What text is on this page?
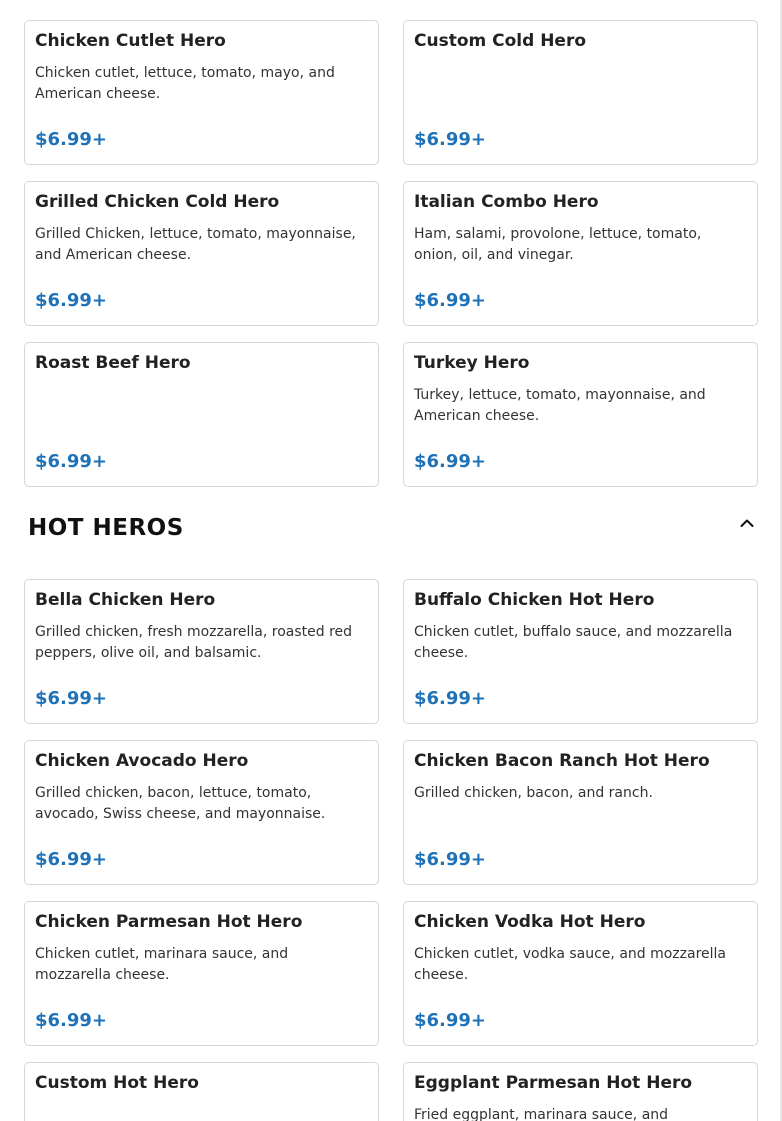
Chicken Cutlet Hero
Chicken cutlet, lettuce, tomato, mayo, and American cheese.
$6.99+
Custom Cold Hero
$6.99+
Grilled Chicken Cold Hero
Grilled Chicken, lettuce, tomato, mayonnaise, and American cheese.
$6.99+
Italian Combo Hero
Ham, salami, provolone, lettuce, tomato, onion, oil, and vinegar.
$6.99+
Roast Beef Hero
$6.99+
Turkey Hero
Turkey, lettuce, tomato, mayonnaise, and American cheese.
$6.99+
HOT HEROS
Bella Chicken Hero
Grilled chicken, fresh mozzarella, roasted red peppers, olive oil, and balsamic.
$6.99+
Buffalo Chicken Hot Hero
Chicken cutlet, buffalo sauce, and mozzarella cheese.
$6.99+
Chicken Avocado Hero
Grilled chicken, bacon, lettuce, tomato, avocado, Swiss cheese, and mayonnaise.
$6.99+
Chicken Bacon Ranch Hot Hero
Grilled chicken, bacon, and ranch.
$6.99+
Chicken Parmesan Hot Hero
Chicken cutlet, marinara sauce, and mozzarella cheese.
$6.99+
Chicken Vodka Hot Hero
Chicken cutlet, vodka sauce, and mozzarella cheese.
$6.99+
Custom Hot Hero	Eggplant Parmesan Hot Hero
Fried eggplant, marinara sauce, and
